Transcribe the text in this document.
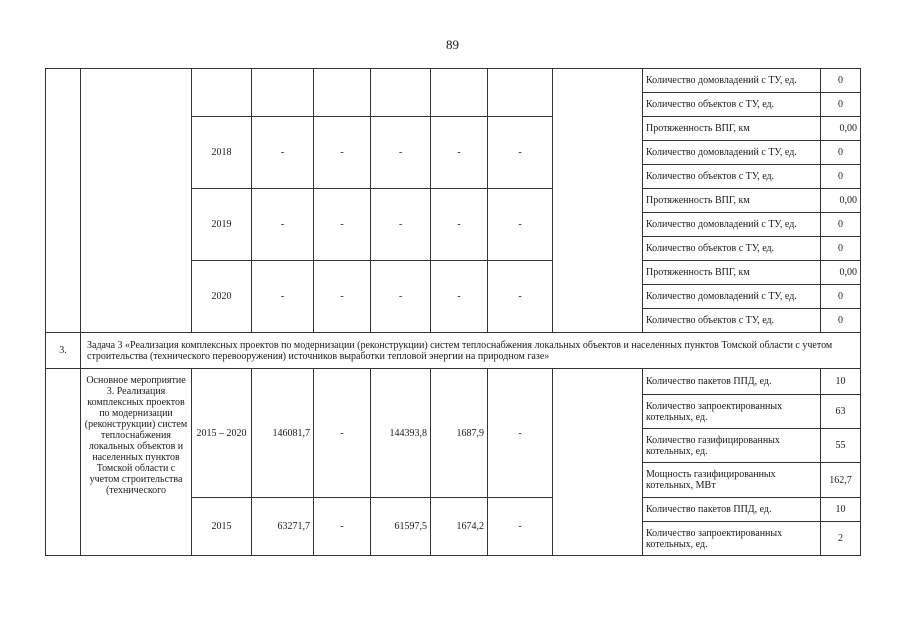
89
									Количество домовладений с ТУ, ед.	0
									Количество объектов с ТУ, ед.	0
		2018	-	-	-	-	-		Протяженность ВПГ, км	0,00
									Количество домовладений с ТУ, ед.	0
									Количество объектов с ТУ, ед.	0
		2019	-	-	-	-	-		Протяженность ВПГ, км	0,00
									Количество домовладений с ТУ, ед.	0
									Количество объектов с ТУ, ед.	0
		2020	-	-	-	-	-		Протяженность ВПГ, км	0,00
									Количество домовладений с ТУ, ед.	0
									Количество объектов с ТУ, ед.	0
3.	Задача 3 «Реализация комплексных проектов по модернизации (реконструкции) систем теплоснабжения локальных объектов и населенных пунктов Томской области с учетом строительства (технического перевооружения) источников выработки тепловой энергии на природном газе»									
	Основное мероприятие 3. Реализация комплексных проектов по модернизации (реконструкции) систем теплоснабжения локальных объектов и населенных пунктов Томской области с учетом строительства (технического	2015 – 2020	146081,7	-	144393,8	1687,9	-		Количество пакетов ППД, ед.	10
									Количество запроектированных котельных, ед.	63
									Количество газифицированных котельных, ед.	55
									Мощность газифицированных котельных, МВт	162,7
		2015	63271,7	-	61597,5	1674,2	-		Количество пакетов ППД, ед.	10
									Количество запроектированных котельных, ед.	2
